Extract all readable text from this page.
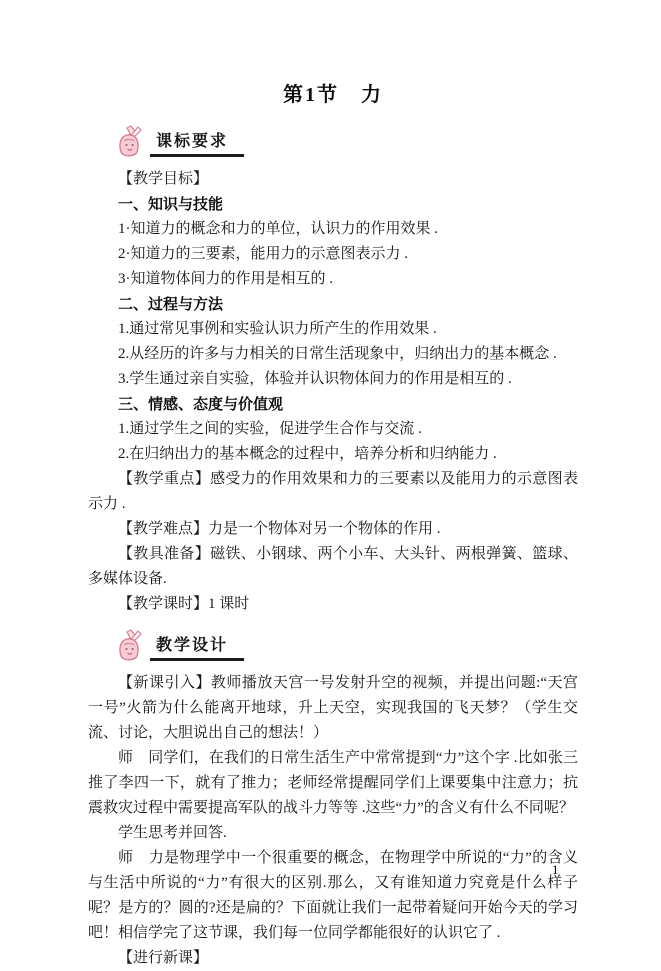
第1节　力
课标要求

【教学目标】

一、知识与技能

1·知道力的概念和力的单位，认识力的作用效果 .

2·知道力的三要素，能用力的示意图表示力 .

3·知道物体间力的作用是相互的 .

二、过程与方法

1.通过常见事例和实验认识力所产生的作用效果 .

2.从经历的许多与力相关的日常生活现象中，归纳出力的基本概念 .

3.学生通过亲自实验，体验并认识物体间力的作用是相互的 .

三、情感、态度与价值观

1.通过学生之间的实验，促进学生合作与交流 .

2.在归纳出力的基本概念的过程中，培养分析和归纳能力 .

【教学重点】感受力的作用效果和力的三要素以及能用力的示意图表示力 .

【教学难点】力是一个物体对另一个物体的作用 .

【教具准备】磁铁、小钢球、两个小车、大头针、两根弹簧、篮球、多媒体设备.

【教学课时】1 课时

教学设计

【新课引入】教师播放天宫一号发射升空的视频，并提出问题:“天宫一号”火箭为什么能离开地球，升上天空，实现我国的飞天梦？（学生交流、讨论，大胆说出自己的想法！）

师　同学们，在我们的日常生活生产中常常提到“力”这个字 .比如张三推了李四一下，就有了推力；老师经常提醒同学们上课要集中注意力；抗震救灾过程中需要提高军队的战斗力等等 .这些“力”的含义有什么不同呢？

学生思考并回答.

师　力是物理学中一个很重要的概念，在物理学中所说的“力”的含义与生活中所说的“力”有很大的区别.那么，又有谁知道力究竟是什么样子呢？是方的？圆的?还是扁的？下面就让我们一起带着疑问开始今天的学习吧！相信学完了这节课，我们每一位同学都能很好的认识它了 .

【进行新课】

1
